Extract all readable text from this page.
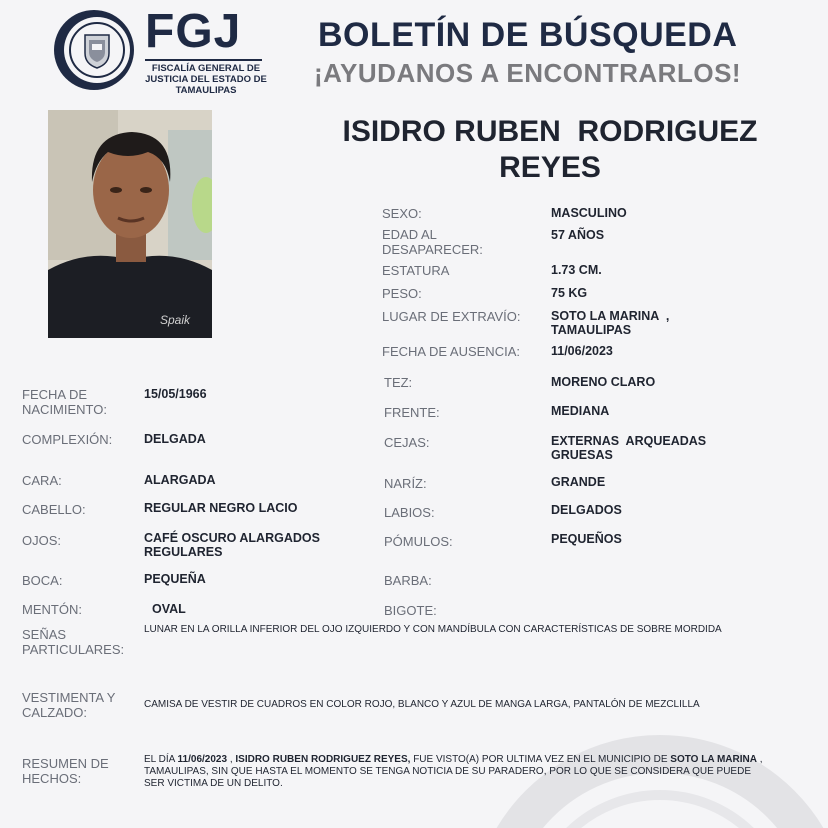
FGJ
FISCALÍA GENERAL DE JUSTICIA DEL ESTADO DE TAMAULIPAS
BOLETÍN DE BÚSQUEDA
¡AYUDANOS A ENCONTRARLOS!
Spaik
ISIDRO RUBEN  RODRIGUEZ
REYES
SEXO:	MASCULINO
EDAD AL DESAPARECER:
57 AÑOS
ESTATURA	1.73 CM.
PESO:	75 KG
LUGAR DE EXTRAVÍO: SOTO LA MARINA  , TAMAULIPAS
FECHA DE AUSENCIA: 11/06/2023
FECHA DE NACIMIENTO:
15/05/1966
COMPLEXIÓN:	DELGADA
CARA:	ALARGADA
CABELLO:	REGULAR NEGRO LACIO
OJOS:	CAFÉ OSCURO ALARGADOS REGULARES
BOCA:	PEQUEÑA
MENTÓN:	OVAL
TEZ:	MORENO CLARO
FRENTE:	MEDIANA
CEJAS:	EXTERNAS  ARQUEADAS GRUESAS
NARÍZ:	GRANDE
LABIOS:	DELGADOS
PÓMULOS:	PEQUEÑOS
BARBA:
BIGOTE:
SEÑAS PARTICULARES:
LUNAR EN LA ORILLA INFERIOR DEL OJO IZQUIERDO Y CON MANDÍBULA CON CARACTERÍSTICAS DE SOBRE MORDIDA
VESTIMENTA Y CALZADO:
CAMISA DE VESTIR DE CUADROS EN COLOR ROJO, BLANCO Y AZUL DE MANGA LARGA, PANTALÓN DE MEZCLILLA
RESUMEN DE HECHOS:
EL DÍA 11/06/2023 , ISIDRO RUBEN RODRIGUEZ REYES, FUE VISTO(A) POR ULTIMA VEZ EN EL MUNICIPIO DE SOTO LA MARINA , TAMAULIPAS, SIN QUE HASTA EL MOMENTO SE TENGA NOTICIA DE SU PARADERO, POR LO QUE SE CONSIDERA QUE PUEDE SER VICTIMA DE UN DELITO.
